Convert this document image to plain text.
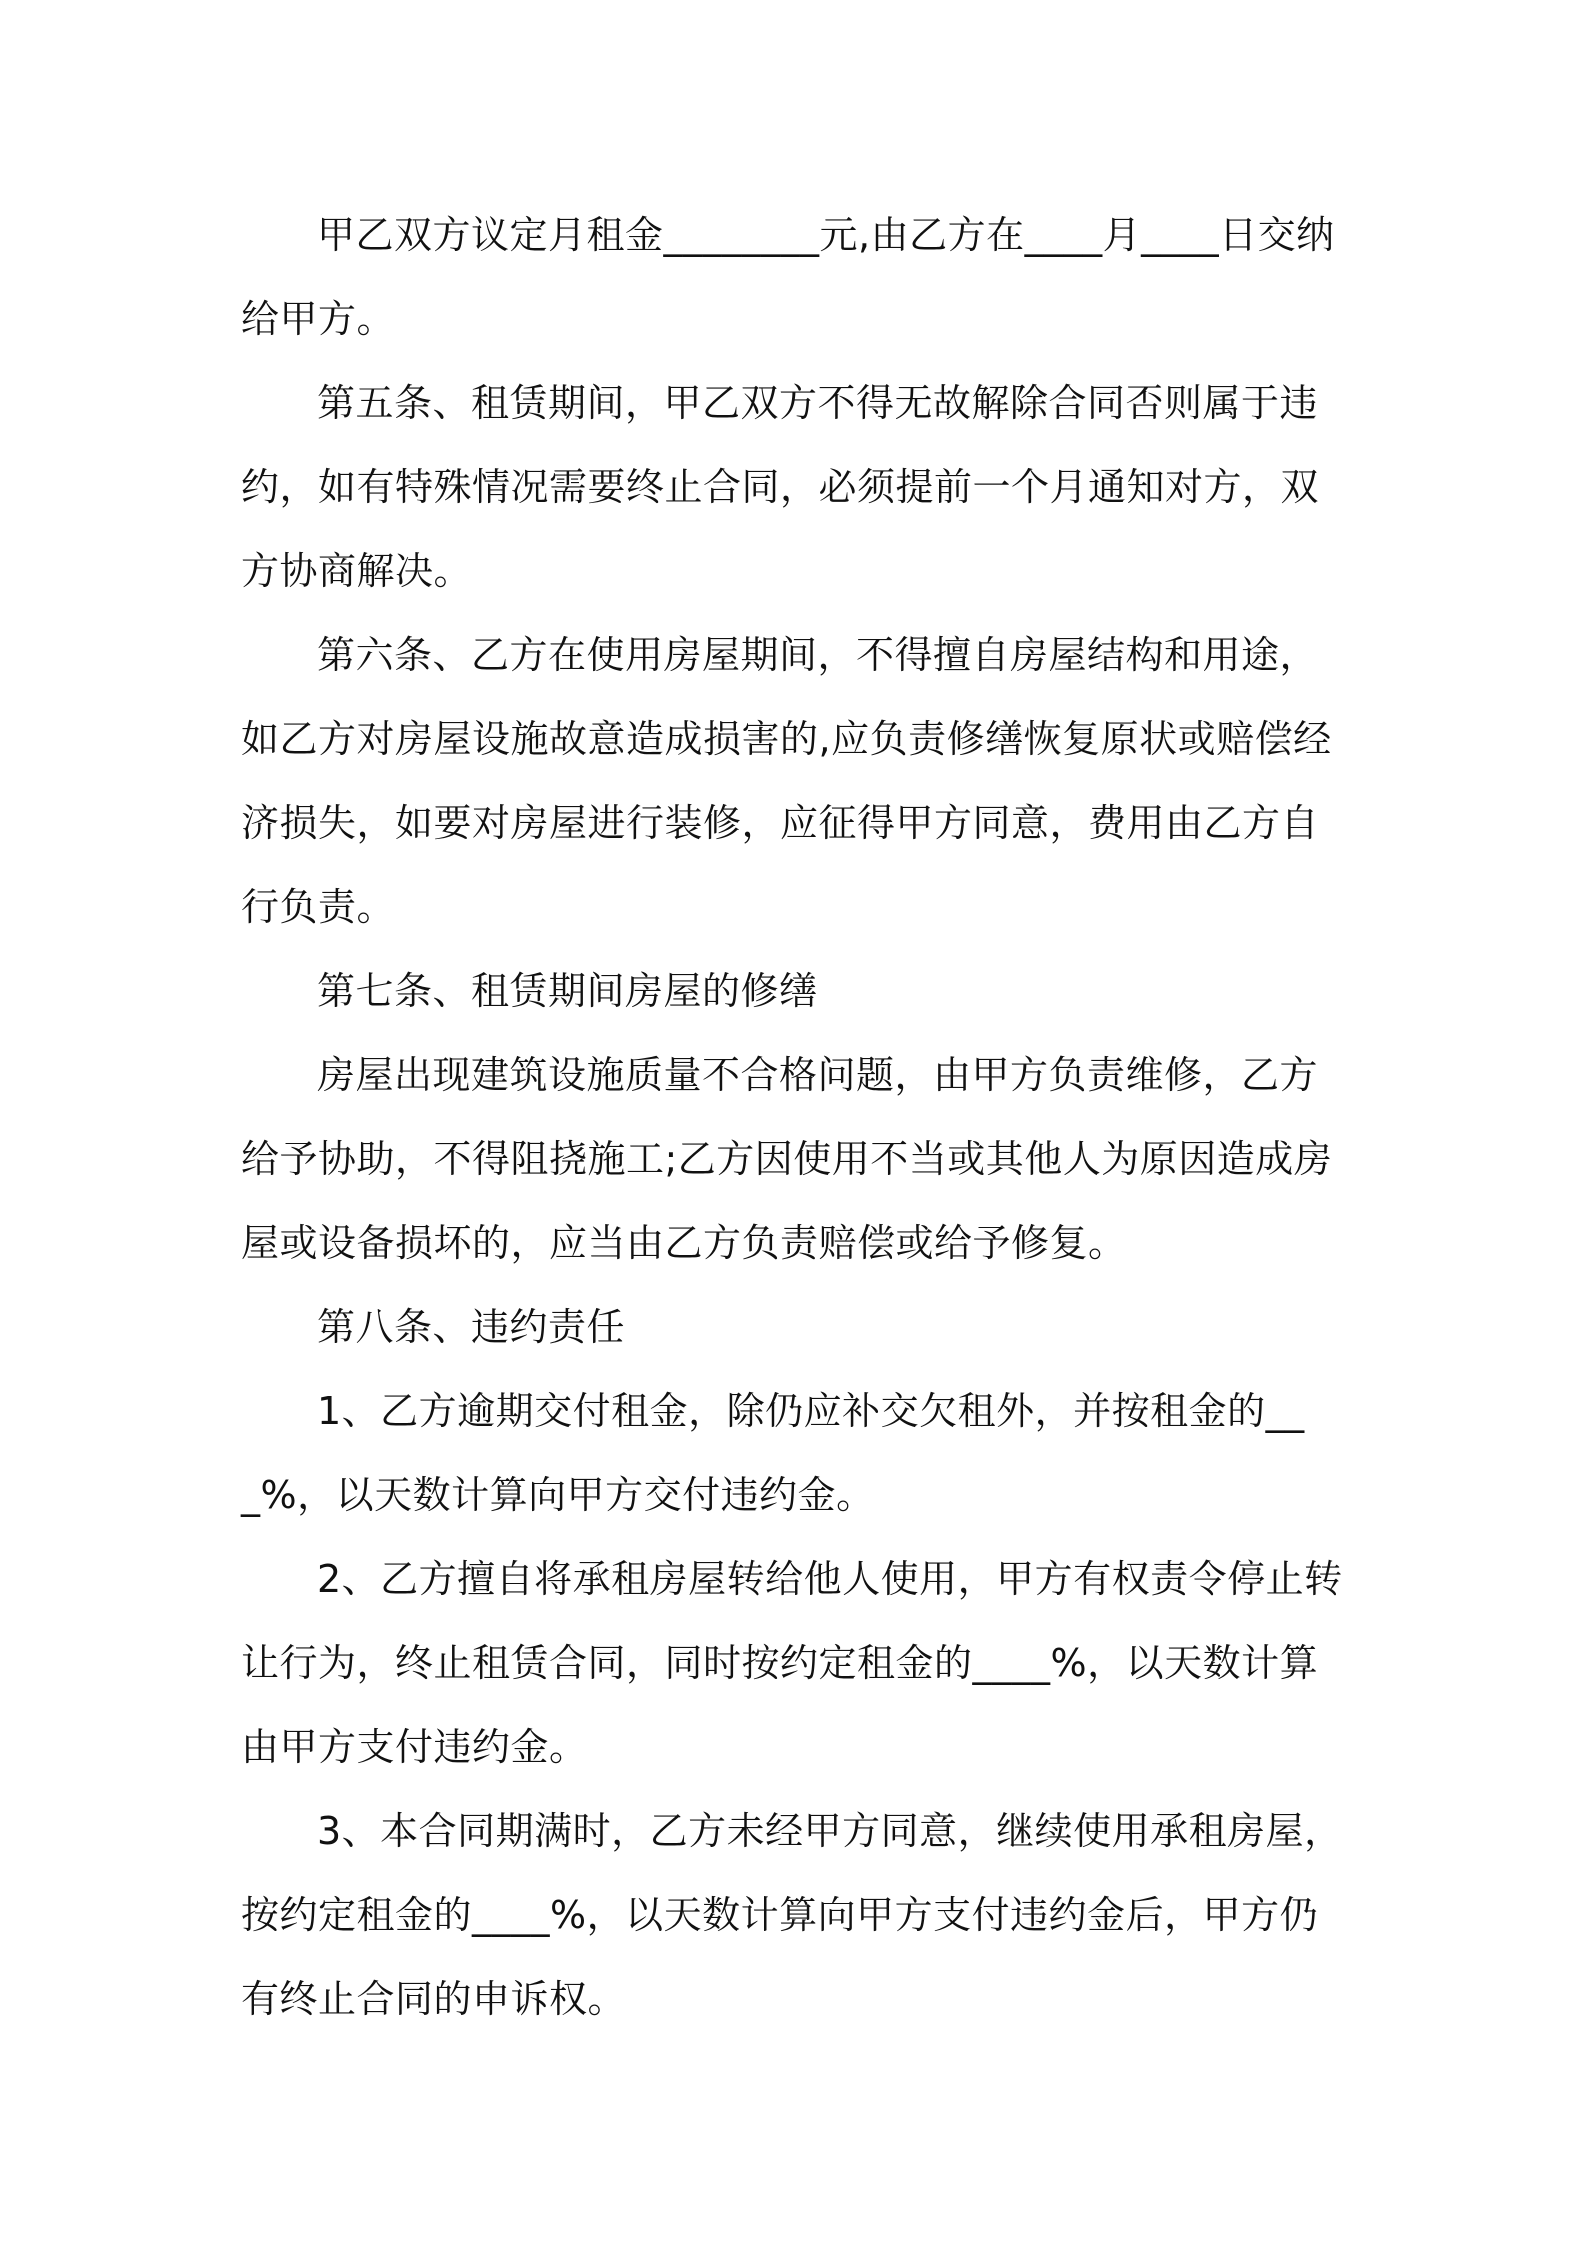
甲乙双方议定月租金________元,由乙方在____月____日交纳给甲方。

第五条、租赁期间，甲乙双方不得无故解除合同否则属于违约，如有特殊情况需要终止合同，必须提前一个月通知对方，双方协商解决。

第六条、乙方在使用房屋期间，不得擅自房屋结构和用途，如乙方对房屋设施故意造成损害的,应负责修缮恢复原状或赔偿经济损失，如要对房屋进行装修，应征得甲方同意，费用由乙方自行负责。

第七条、租赁期间房屋的修缮

房屋出现建筑设施质量不合格问题，由甲方负责维修，乙方给予协助，不得阻挠施工;乙方因使用不当或其他人为原因造成房屋或设备损坏的，应当由乙方负责赔偿或给予修复。

第八条、违约责任

1、乙方逾期交付租金，除仍应补交欠租外，并按租金的___%，以天数计算向甲方交付违约金。

2、乙方擅自将承租房屋转给他人使用，甲方有权责令停止转让行为，终止租赁合同，同时按约定租金的____%，以天数计算由甲方支付违约金。

3、本合同期满时，乙方未经甲方同意，继续使用承租房屋，按约定租金的____%，以天数计算向甲方支付违约金后，甲方仍有终止合同的申诉权。
